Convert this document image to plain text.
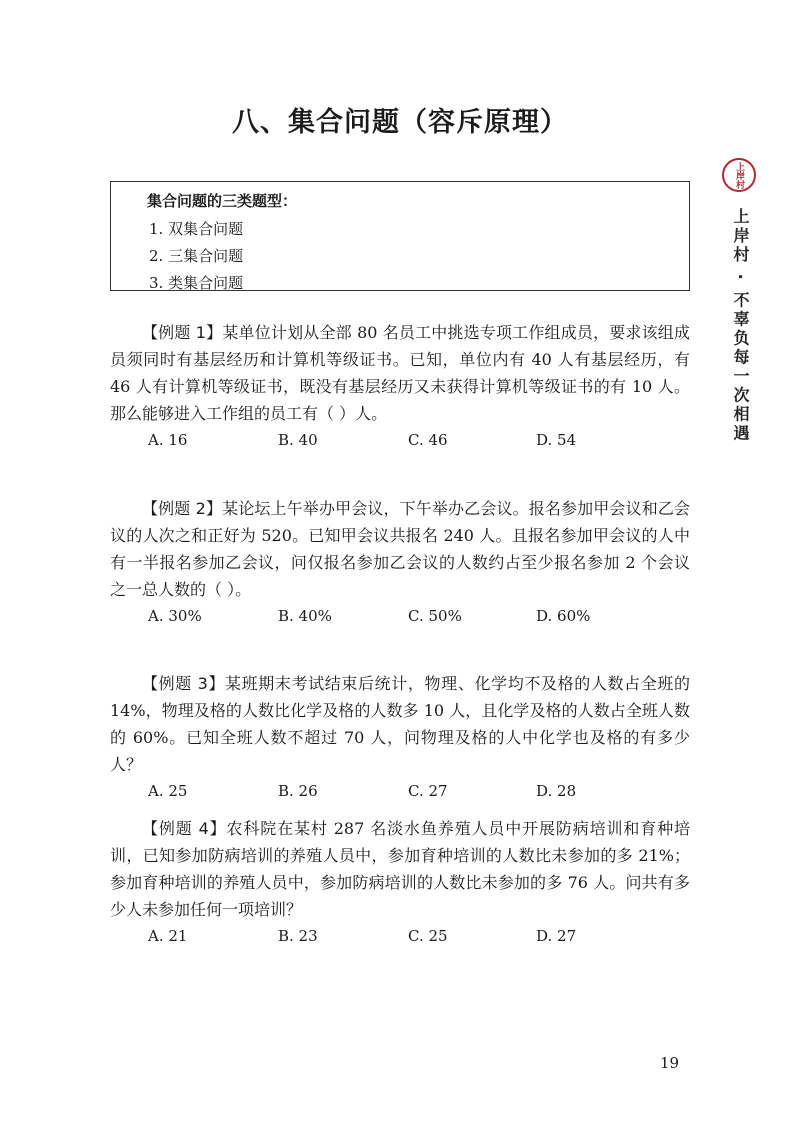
八、集合问题（容斥原理）
集合问题的三类题型：
1. 双集合问题
2. 三集合问题
3. 类集合问题

【例题 1】某单位计划从全部 80 名员工中挑选专项工作组成员，要求该组成员须同时有基层经历和计算机等级证书。已知，单位内有 40 人有基层经历，有 46 人有计算机等级证书，既没有基层经历又未获得计算机等级证书的有 10 人。那么能够进入工作组的员工有（ ）人。

A. 16	B. 40	C. 46	D. 54

【例题 2】某论坛上午举办甲会议，下午举办乙会议。报名参加甲会议和乙会议的人次之和正好为 520。已知甲会议共报名 240 人。且报名参加甲会议的人中有一半报名参加乙会议，问仅报名参加乙会议的人数约占至少报名参加 2 个会议之一总人数的（ ）。

A. 30%	B. 40%	C. 50%	D. 60%

【例题 3】某班期末考试结束后统计，物理、化学均不及格的人数占全班的 14%，物理及格的人数比化学及格的人数多 10 人，且化学及格的人数占全班人数的 60%。已知全班人数不超过 70 人，问物理及格的人中化学也及格的有多少人？

A. 25	B. 26	C. 27	D. 28

【例题 4】农科院在某村 287 名淡水鱼养殖人员中开展防病培训和育种培训，已知参加防病培训的养殖人员中，参加育种培训的人数比未参加的多 21%；参加育种培训的养殖人员中，参加防病培训的人数比未参加的多 76 人。问共有多少人未参加任何一项培训？

A. 21	B. 23	C. 25	D. 27
上岸村
上岸村 · 不辜负每一次相遇
19
